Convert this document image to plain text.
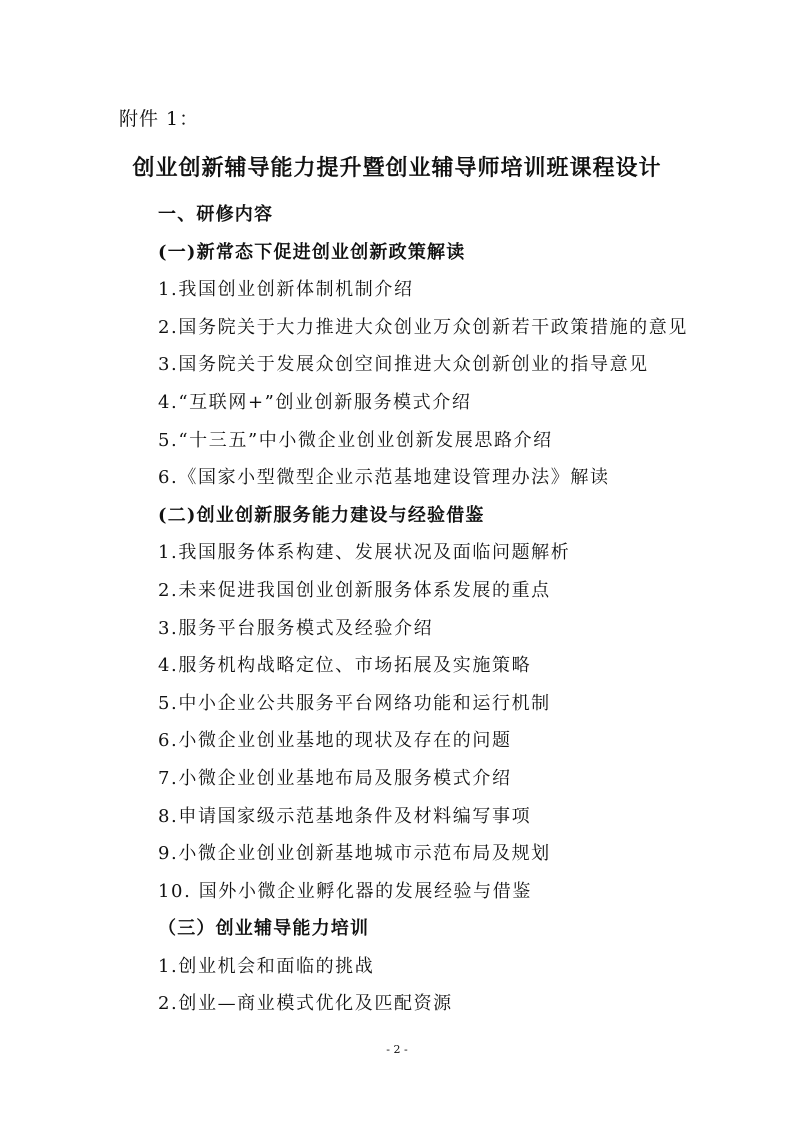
附件 1：
创业创新辅导能力提升暨创业辅导师培训班课程设计
一、研修内容
(一)新常态下促进创业创新政策解读
1.我国创业创新体制机制介绍
2.国务院关于大力推进大众创业万众创新若干政策措施的意见
3.国务院关于发展众创空间推进大众创新创业的指导意见
4.“互联网+”创业创新服务模式介绍
5.“十三五”中小微企业创业创新发展思路介绍
6.《国家小型微型企业示范基地建设管理办法》解读
(二)创业创新服务能力建设与经验借鉴
1.我国服务体系构建、发展状况及面临问题解析
2.未来促进我国创业创新服务体系发展的重点
3.服务平台服务模式及经验介绍
4.服务机构战略定位、市场拓展及实施策略
5.中小企业公共服务平台网络功能和运行机制
6.小微企业创业基地的现状及存在的问题
7.小微企业创业基地布局及服务模式介绍
8.申请国家级示范基地条件及材料编写事项
9.小微企业创业创新基地城市示范布局及规划
10. 国外小微企业孵化器的发展经验与借鉴
（三）创业辅导能力培训
1.创业机会和面临的挑战
2.创业—商业模式优化及匹配资源
- 2 -
